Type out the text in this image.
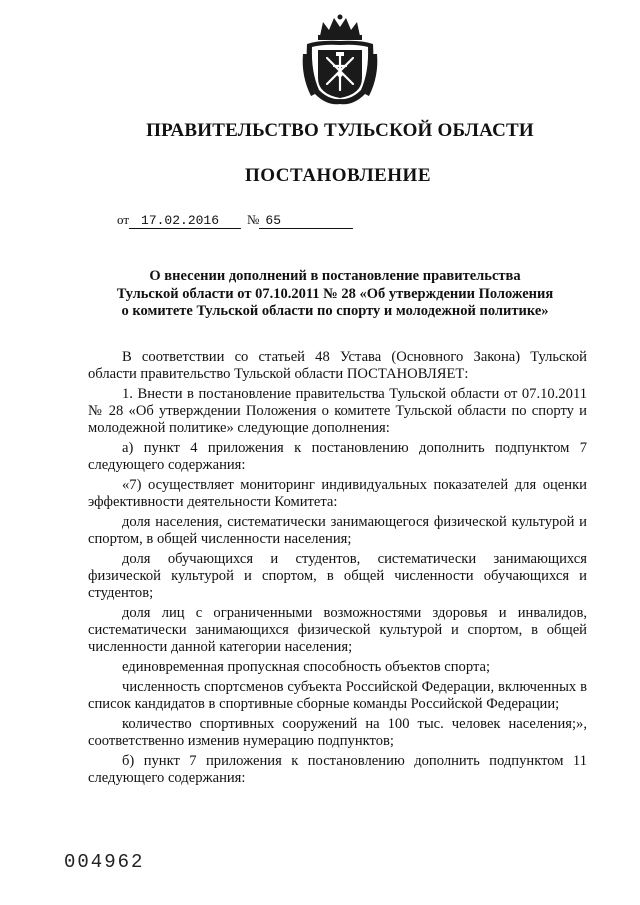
ПРАВИТЕЛЬСТВО ТУЛЬСКОЙ ОБЛАСТИ
ПОСТАНОВЛЕНИЕ
от 17.02.2016	№ 65
О внесении дополнений в постановление правительства
Тульской области от 07.10.2011 № 28 «Об утверждении Положения
о комитете Тульской области по спорту и молодежной политике»

В соответствии со статьей 48 Устава (Основного Закона) Тульской области правительство Тульской области ПОСТАНОВЛЯЕТ:

1. Внести в постановление правительства Тульской области от 07.10.2011 № 28 «Об утверждении Положения о комитете Тульской области по спорту и молодежной политике» следующие дополнения:

а) пункт 4 приложения к постановлению дополнить подпунктом 7 следующего содержания:

«7) осуществляет мониторинг индивидуальных показателей для оценки эффективности деятельности Комитета:

доля населения, систематически занимающегося физической культурой и спортом, в общей численности населения;

доля обучающихся и студентов, систематически занимающихся физической культурой и спортом, в общей численности обучающихся и студентов;

доля лиц с ограниченными возможностями здоровья и инвалидов, систематически занимающихся физической культурой и спортом, в общей численности данной категории населения;

единовременная пропускная способность объектов спорта;

численность спортсменов субъекта Российской Федерации, включенных в список кандидатов в спортивные сборные команды Российской Федерации;

количество спортивных сооружений на 100 тыс. человек населения;», соответственно изменив нумерацию подпунктов;

б) пункт 7 приложения к постановлению дополнить подпунктом 11 следующего содержания:

004962
